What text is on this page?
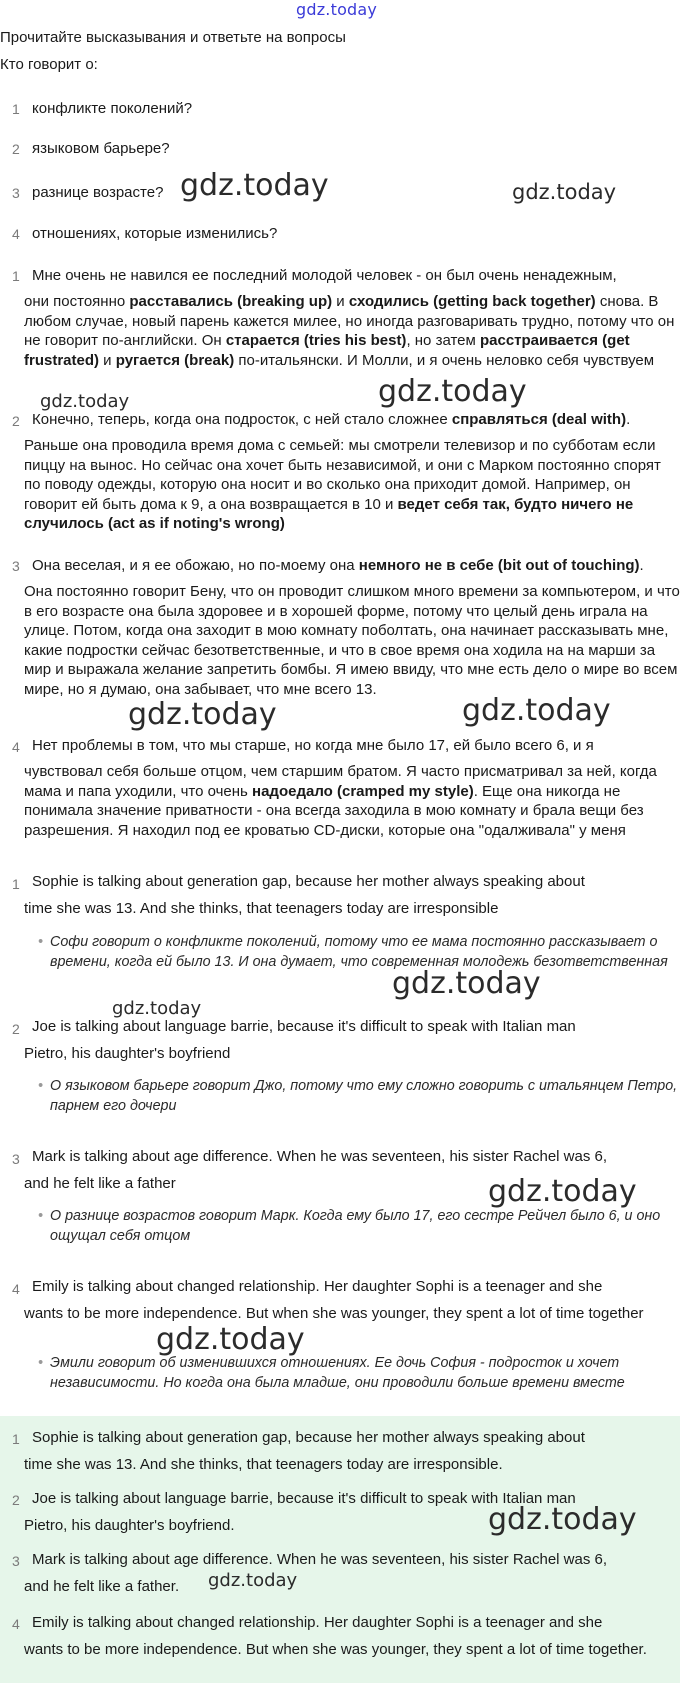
gdz.today
Прочитайте высказывания и ответьте на вопросы
Кто говорит о:
1 конфликте поколений?
2 языковом барьере?
3 разнице возрасте?
4 отношениях, которые изменились?
1 Мне очень не навился ее последний молодой человек - он был очень ненадежным,
они постоянно расставались (breaking up) и сходились (getting back together) снова. В любом случае, новый парень кажется милее, но иногда разговаривать трудно, потому что он не говорит по-английски. Он старается (tries his best), но затем расстраивается (get frustrated) и ругается (break) по-итальянски. И Молли, и я очень неловко себя чувствуем
2 Конечно, теперь, когда она подросток, с ней стало сложнее справляться (deal with).
Раньше она проводила время дома с семьей: мы смотрели телевизор и по субботам если пиццу на вынос. Но сейчас она хочет быть независимой, и они с Марком постоянно спорят по поводу одежды, которую она носит и во сколько она приходит домой. Например, он говорит ей быть дома к 9, а она возвращается в 10 и ведет себя так, будто ничего не случилось (act as if noting's wrong)
3 Она веселая, и я ее обожаю, но по-моему она немного не в себе (bit out of touching).
Она постоянно говорит Бену, что он проводит слишком много времени за компьютером, и что в его возрасте она была здоровее и в хорошей форме, потому что целый день играла на улице. Потом, когда она заходит в мою комнату поболтать, она начинает рассказывать мне, какие подростки сейчас безответственные, и что в свое время она ходила на на марши за мир и выражала желание запретить бомбы. Я имею ввиду, что мне есть дело о мире во всем мире, но я думаю, она забывает, что мне всего 13.
4 Нет проблемы в том, что мы старше, но когда мне было 17, ей было всего 6, и я
чувствовал себя больше отцом, чем старшим братом. Я часто присматривал за ней, когда мама и папа уходили, что очень надоедало (cramped my style). Еще она никогда не понимала значение приватности - она всегда заходила в мою комнату и брала вещи без разрешения. Я находил под ее кроватью CD-диски, которые она "одалживала" у меня
1 Sophie is talking about generation gap, because her mother always speaking about
time she was 13. And she thinks, that teenagers today are irresponsible
• Софи говорит о конфликте поколений, потому что ее мама постоянно рассказывает о времени, когда ей было 13. И она думает, что современная молодежь безответственная
2 Joe is talking about language barrie, because it's difficult to speak with Italian man
Pietro, his daughter's boyfriend
• О языковом барьере говорит Джо, потому что ему сложно говорить с итальянцем Петро, парнем его дочери
3 Mark is talking about age difference. When he was seventeen, his sister Rachel was 6,
and he felt like a father
• О разнице возрастов говорит Марк. Когда ему было 17, его сестре Рейчел было 6, и оно ощущал себя отцом
4 Emily is talking about changed relationship. Her daughter Sophi is a teenager and she
wants to be more independence. But when she was younger, they spent a lot of time together
• Эмили говорит об изменившихся отношениях. Ее дочь София - подросток и хочет независимости. Но когда она была младше, они проводили больше времени вместе
1 Sophie is talking about generation gap, because her mother always speaking about
time she was 13. And she thinks, that teenagers today are irresponsible.
2 Joe is talking about language barrie, because it's difficult to speak with Italian man
Pietro, his daughter's boyfriend.
3 Mark is talking about age difference. When he was seventeen, his sister Rachel was 6,
and he felt like a father.
4 Emily is talking about changed relationship. Her daughter Sophi is a teenager and she
wants to be more independence. But when she was younger, they spent a lot of time together.
gdz.today	gdz.today
gdz.today	gdz.today
gdz.today	gdz.today
gdz.today
gdz.today
gdz.today
gdz.today
gdz.today
gdz.today
